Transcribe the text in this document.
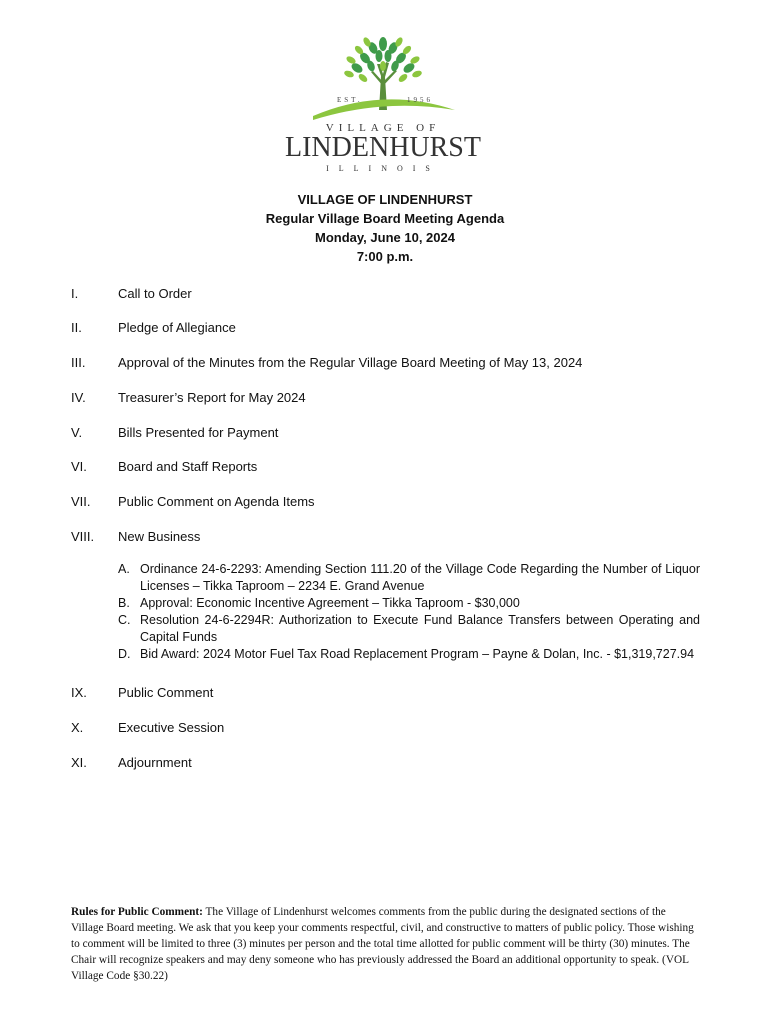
EST.	1956
VILLAGE OF
LINDENHURST
ILLINOIS
VILLAGE OF LINDENHURST
Regular Village Board Meeting Agenda
Monday, June 10, 2024
7:00 p.m.
I.	Call to Order
II.	Pledge of Allegiance
III.	Approval of the Minutes from the Regular Village Board Meeting of May 13, 2024
IV.	Treasurer’s Report for May 2024
V.	Bills Presented for Payment
VI.	Board and Staff Reports
VII.	Public Comment on Agenda Items
VIII.	New Business
IX.	Public Comment
X.	Executive Session
XI.	Adjournment
A. Ordinance 24-6-2293: Amending Section 111.20 of the Village Code Regarding the Number of Liquor Licenses – Tikka Taproom – 2234 E. Grand Avenue
B. Approval: Economic Incentive Agreement – Tikka Taproom - $30,000
C. Resolution 24-6-2294R: Authorization to Execute Fund Balance Transfers between Operating and Capital Funds
D. Bid Award: 2024 Motor Fuel Tax Road Replacement Program – Payne & Dolan, Inc. - $1,319,727.94
Rules for Public Comment: The Village of Lindenhurst welcomes comments from the public during the designated sections of the Village Board meeting. We ask that you keep your comments respectful, civil, and constructive to matters of public policy. Those wishing to comment will be limited to three (3) minutes per person and the total time allotted for public comment will be thirty (30) minutes. The Chair will recognize speakers and may deny someone who has previously addressed the Board an additional opportunity to speak. (VOL Village Code §30.22)
